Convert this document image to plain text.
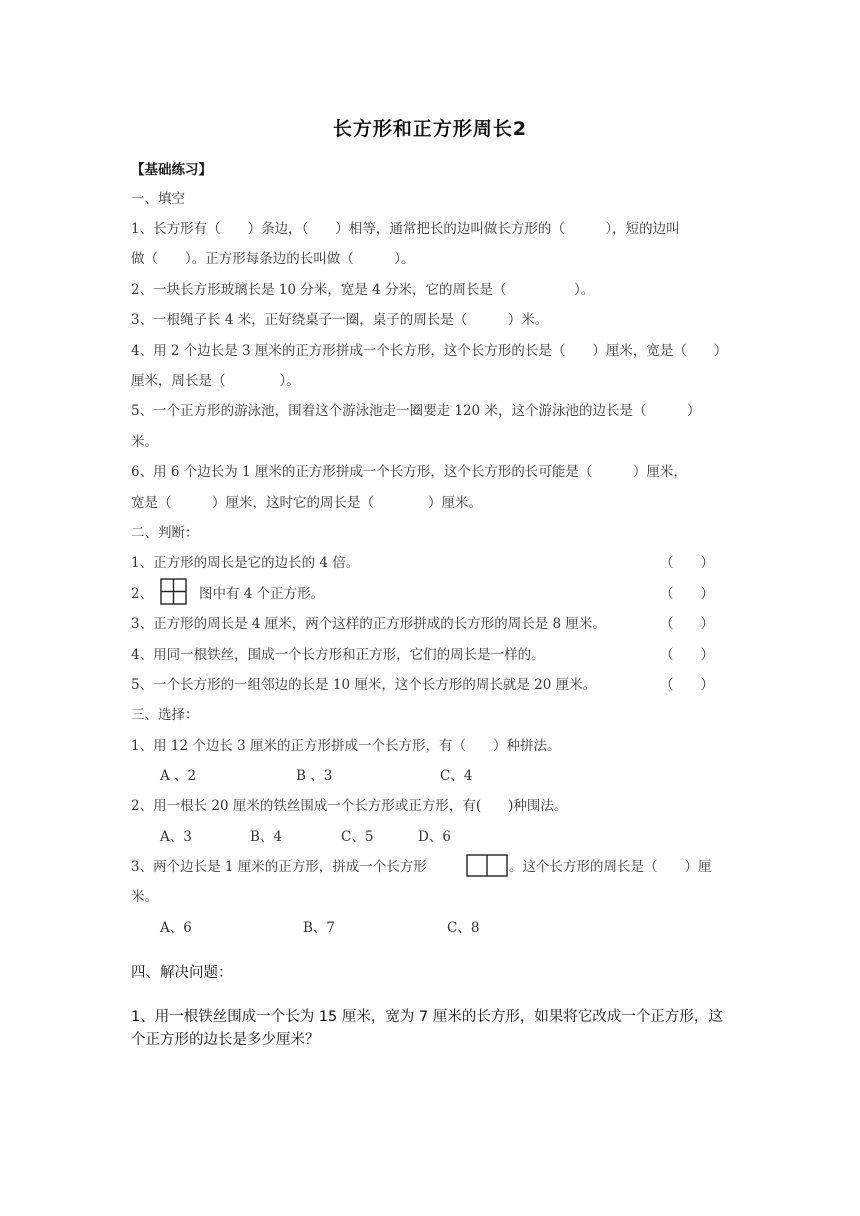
长方形和正方形周长2
【基础练习】
一、填空
1、长方形有（　　）条边，（　　）相等，通常把长的边叫做长方形的（　　　），短的边叫
做（　　）。正方形每条边的长叫做（　　　）。
2、一块长方形玻璃长是 10 分米，宽是 4 分米，它的周长是（　　　　　）。
3、一根绳子长 4 米，正好绕桌子一圈，桌子的周长是（　　　）米。
4、用 2 个边长是 3 厘米的正方形拼成一个长方形，这个长方形的长是（　　）厘米，宽是（　　）
厘米，周长是（　　　　）。
5、一个正方形的游泳池，围着这个游泳池走一圈要走 120 米，这个游泳池的边长是（　　　）
米。
6、用 6 个边长为 1 厘米的正方形拼成一个长方形，这个长方形的长可能是（　　　）厘米，
宽是（　　　）厘米，这时它的周长是（　　　　）厘米。
二、判断：
1、正方形的周长是它的边长的 4 倍。	（　　）
2、	图中有 4 个正方形。	（　　）
3、正方形的周长是 4 厘米，两个这样的正方形拼成的长方形的周长是 8 厘米。	（　　）
4、用同一根铁丝，围成一个长方形和正方形，它们的周长是一样的。	（　　）
5、一个长方形的一组邻边的长是 10 厘米，这个长方形的周长就是 20 厘米。	（　　）
三、选择：
1、用 12 个边长 3 厘米的正方形拼成一个长方形，有（　　）种拼法。
A 、2	B 、3	C、4
2、用一根长 20 厘米的铁丝围成一个长方形或正方形，有(　　)种围法。
A、3	B、4	C、5	D、6
3、两个边长是 1 厘米的正方形，拼成一个长方形	。这个长方形的周长是（　　）厘
米。
A、6	B、7	C、8
四、解决问题：
1、用一根铁丝围成一个长为 15 厘米，宽为 7 厘米的长方形，如果将它改成一个正方形，这
个正方形的边长是多少厘米？
